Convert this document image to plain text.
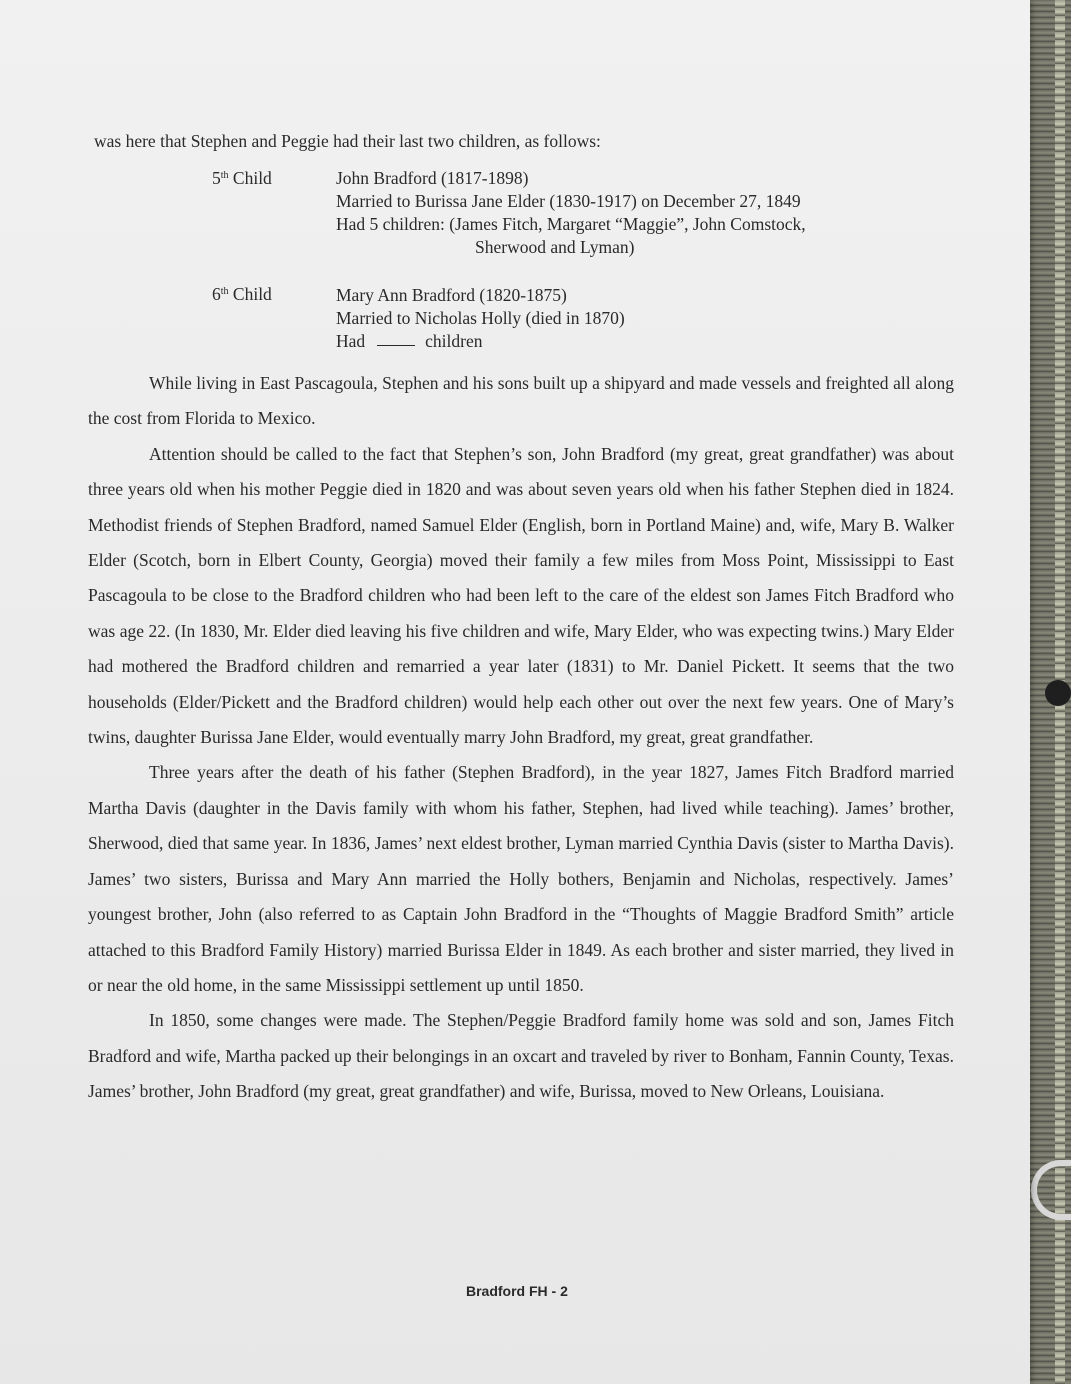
was here that Stephen and Peggie had their last two children, as follows:

5th Child	John Bradford (1817-1898)
Married to Burissa Jane Elder (1830-1917) on December 27, 1849
Had 5 children: (James Fitch, Margaret “Maggie”, John Comstock,
Sherwood and Lyman)
6th Child	Mary Ann Bradford (1820-1875)
Married to Nicholas Holly (died in 1870)
Had	children

While living in East Pascagoula, Stephen and his sons built up a shipyard and made vessels and freighted all along the cost from Florida to Mexico.

Attention should be called to the fact that Stephen’s son, John Bradford (my great, great grandfather) was about three years old when his mother Peggie died in 1820 and was about seven years old when his father Stephen died in 1824. Methodist friends of Stephen Bradford, named Samuel Elder (English, born in Portland Maine) and, wife, Mary B. Walker Elder (Scotch, born in Elbert County, Georgia) moved their family a few miles from Moss Point, Mississippi to East Pascagoula to be close to the Bradford children who had been left to the care of the eldest son James Fitch Bradford who was age 22. (In 1830, Mr. Elder died leaving his five children and wife, Mary Elder, who was expecting twins.) Mary Elder had mothered the Bradford children and remarried a year later (1831) to Mr. Daniel Pickett. It seems that the two households (Elder/Pickett and the Bradford children) would help each other out over the next few years. One of Mary’s twins, daughter Burissa Jane Elder, would eventually marry John Bradford, my great, great grandfather.

Three years after the death of his father (Stephen Bradford), in the year 1827, James Fitch Bradford married Martha Davis (daughter in the Davis family with whom his father, Stephen, had lived while teaching). James’ brother, Sherwood, died that same year. In 1836, James’ next eldest brother, Lyman married Cynthia Davis (sister to Martha Davis). James’ two sisters, Burissa and Mary Ann married the Holly bothers, Benjamin and Nicholas, respectively. James’ youngest brother, John (also referred to as Captain John Bradford in the “Thoughts of Maggie Bradford Smith” article attached to this Bradford Family History) married Burissa Elder in 1849. As each brother and sister married, they lived in or near the old home, in the same Mississippi settlement up until 1850.

In 1850, some changes were made. The Stephen/Peggie Bradford family home was sold and son, James Fitch Bradford and wife, Martha packed up their belongings in an oxcart and traveled by river to Bonham, Fannin County, Texas. James’ brother, John Bradford (my great, great grandfather) and wife, Burissa, moved to New Orleans, Louisiana.

Bradford FH - 2
